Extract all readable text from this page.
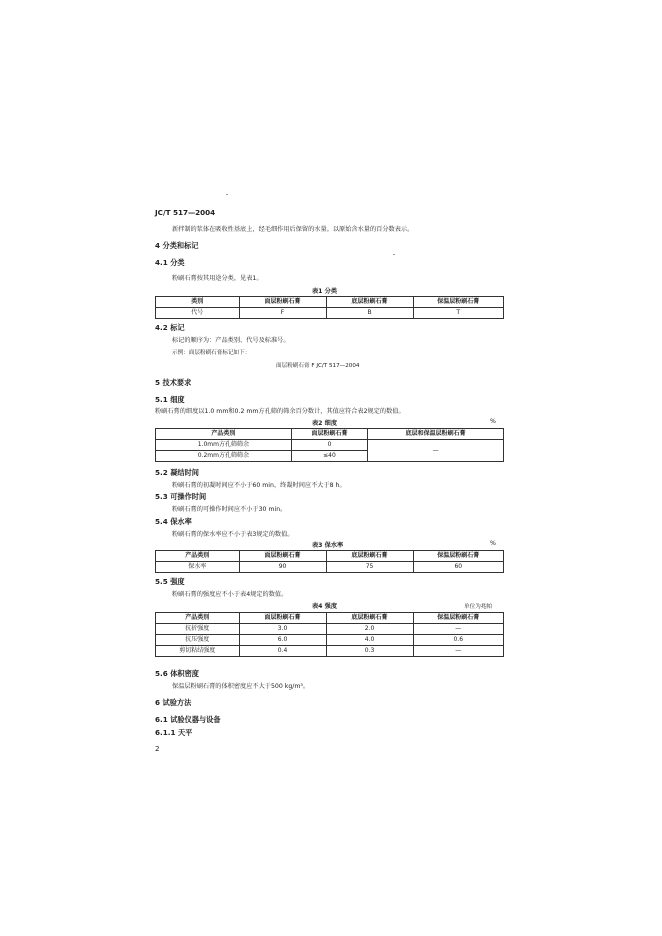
JC/T 517—2004
新拌制的浆体在吸收性基底上，经毛细作用后保留的水量。以原始含水量的百分数表示。
4 分类和标记
4.1 分类
粉刷石膏按其用途分类，见表1。
表1 分类
类别	面层粉刷石膏	底层粉刷石膏	保温层粉刷石膏
代号	F	B	T
4.2 标记
标记的顺序为：产品类别、代号及标准号。
示例：面层粉刷石膏标记如下：
面层粉刷石膏 F JC/T 517—2004
5 技术要求
5.1 细度
粉刷石膏的细度以1.0 mm和0.2 mm方孔筛的筛余百分数计，其值应符合表2规定的数值。
表2 细度	%
产品类别	面层粉刷石膏	底层和保温层粉刷石膏
1.0mm方孔筛筛余	0	—
0.2mm方孔筛筛余	≤40	
5.2 凝结时间
粉刷石膏的初凝时间应不小于60 min，终凝时间应不大于8 h。
5.3 可操作时间
粉刷石膏的可操作时间应不小于30 min。
5.4 保水率
粉刷石膏的保水率应不小于表3规定的数值。
表3 保水率	%
产品类别	面层粉刷石膏	底层粉刷石膏	保温层粉刷石膏
保水率	90	75	60
5.5 强度
粉刷石膏的强度应不小于表4规定的数值。
表4 强度	单位为兆帕
产品类别	面层粉刷石膏	底层粉刷石膏	保温层粉刷石膏
抗折强度	3.0	2.0	—
抗压强度	6.0	4.0	0.6
剪切粘结强度	0.4	0.3	—
5.6 体积密度
保温层粉刷石膏的体积密度应不大于500 kg/m³。
6 试验方法
6.1 试验仪器与设备
6.1.1 天平
2
